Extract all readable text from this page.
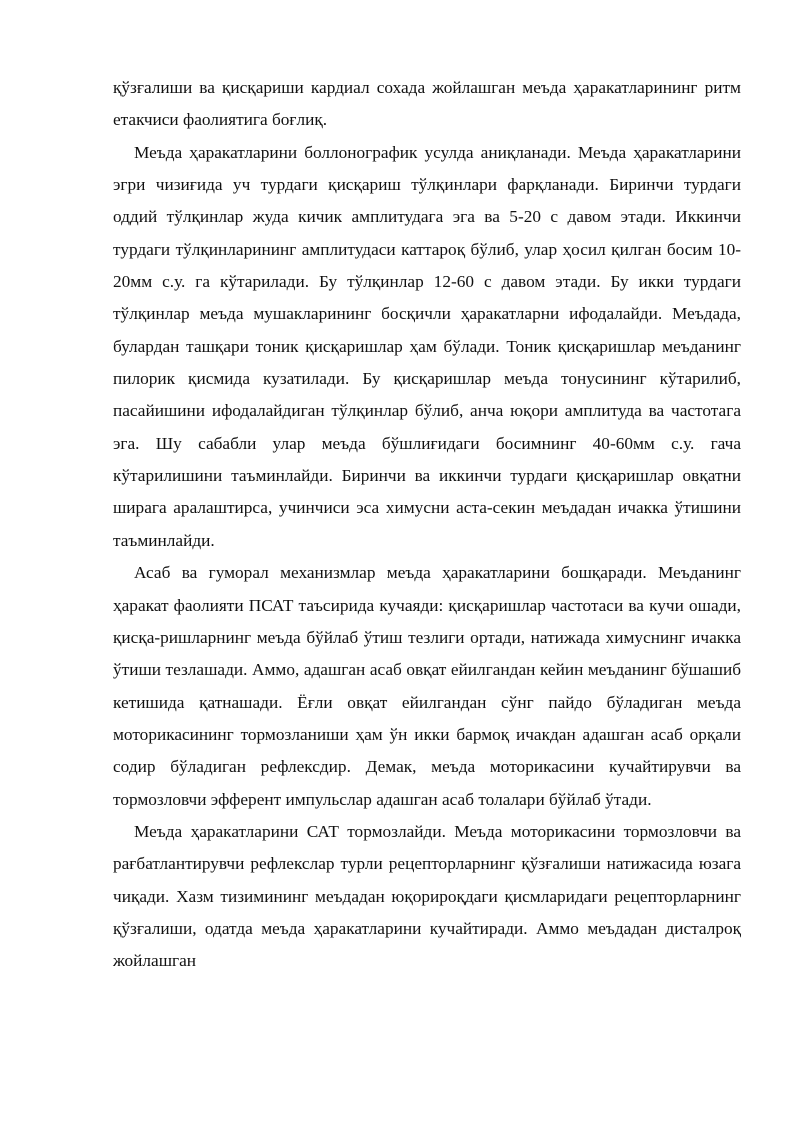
қўзғалиши ва қисқариши кардиал сохада жойлашган меъда ҳаракатларининг ритм етакчиси фаолиятига боғлиқ.

Меъда ҳаракатларини боллонографик усулда аниқланади. Меъда ҳаракатларини эгри чизиғида уч турдаги қисқариш тўлқинлари фарқланади. Биринчи турдаги оддий тўлқинлар жуда кичик амплитудага эга ва 5-20 с давом этади. Иккинчи турдаги тўлқинларининг амплитудаси каттароқ бўлиб, улар ҳосил қилган босим 10-20мм с.у. га кўтарилади. Бу тўлқинлар 12-60 с давом этади. Бу икки турдаги тўлқинлар меъда мушакларининг босқичли ҳаракатларни ифодалайди. Меъдада, булардан ташқари тоник қисқаришлар ҳам бўлади. Тоник қисқаришлар меъданинг пилорик қисмида кузатилади. Бу қисқаришлар меъда тонусининг кўтарилиб, пасайишини ифодалайдиган тўлқинлар бўлиб, анча юқори амплитуда ва частотага эга. Шу сабабли улар меъда бўшлиғидаги босимнинг 40-60мм с.у. гача кўтарилишини таъминлайди. Биринчи ва иккинчи турдаги қисқаришлар овқатни ширага аралаштирса, учинчиси эса химусни аста-секин меъдадан ичакка ўтишини таъминлайди.

Асаб ва гуморал механизмлар меъда ҳаракатларини бошқаради. Меъданинг ҳаракат фаолияти ПСАТ таъсирида кучаяди: қисқаришлар частотаси ва кучи ошади, қисқа-ришларнинг меъда бўйлаб ўтиш тезлиги ортади, натижада химуснинг ичакка ўтиши тезлашади. Аммо, адашган асаб овқат ейилгандан кейин меъданинг бўшашиб кетишида қатнашади. Ёғли овқат ейилгандан сўнг пайдо бўладиган меъда моторикасининг тормозланиши ҳам ўн икки бармоқ ичакдан адашган асаб орқали содир бўладиган рефлексдир. Демак, меъда моторикасини кучайтирувчи ва тормозловчи эфферент импульслар адашган асаб толалари бўйлаб ўтади.

Меъда ҳаракатларини САТ тормозлайди. Меъда моторикасини тормозловчи ва рағбатлантирувчи рефлекслар турли рецепторларнинг қўзғалиши натижасида юзага чиқади. Хазм тизимининг меъдадан юқорироқдаги қисмларидаги рецепторларнинг қўзғалиши, одатда меъда ҳаракатларини кучайтиради. Аммо меъдадан дисталроқ жойлашган
